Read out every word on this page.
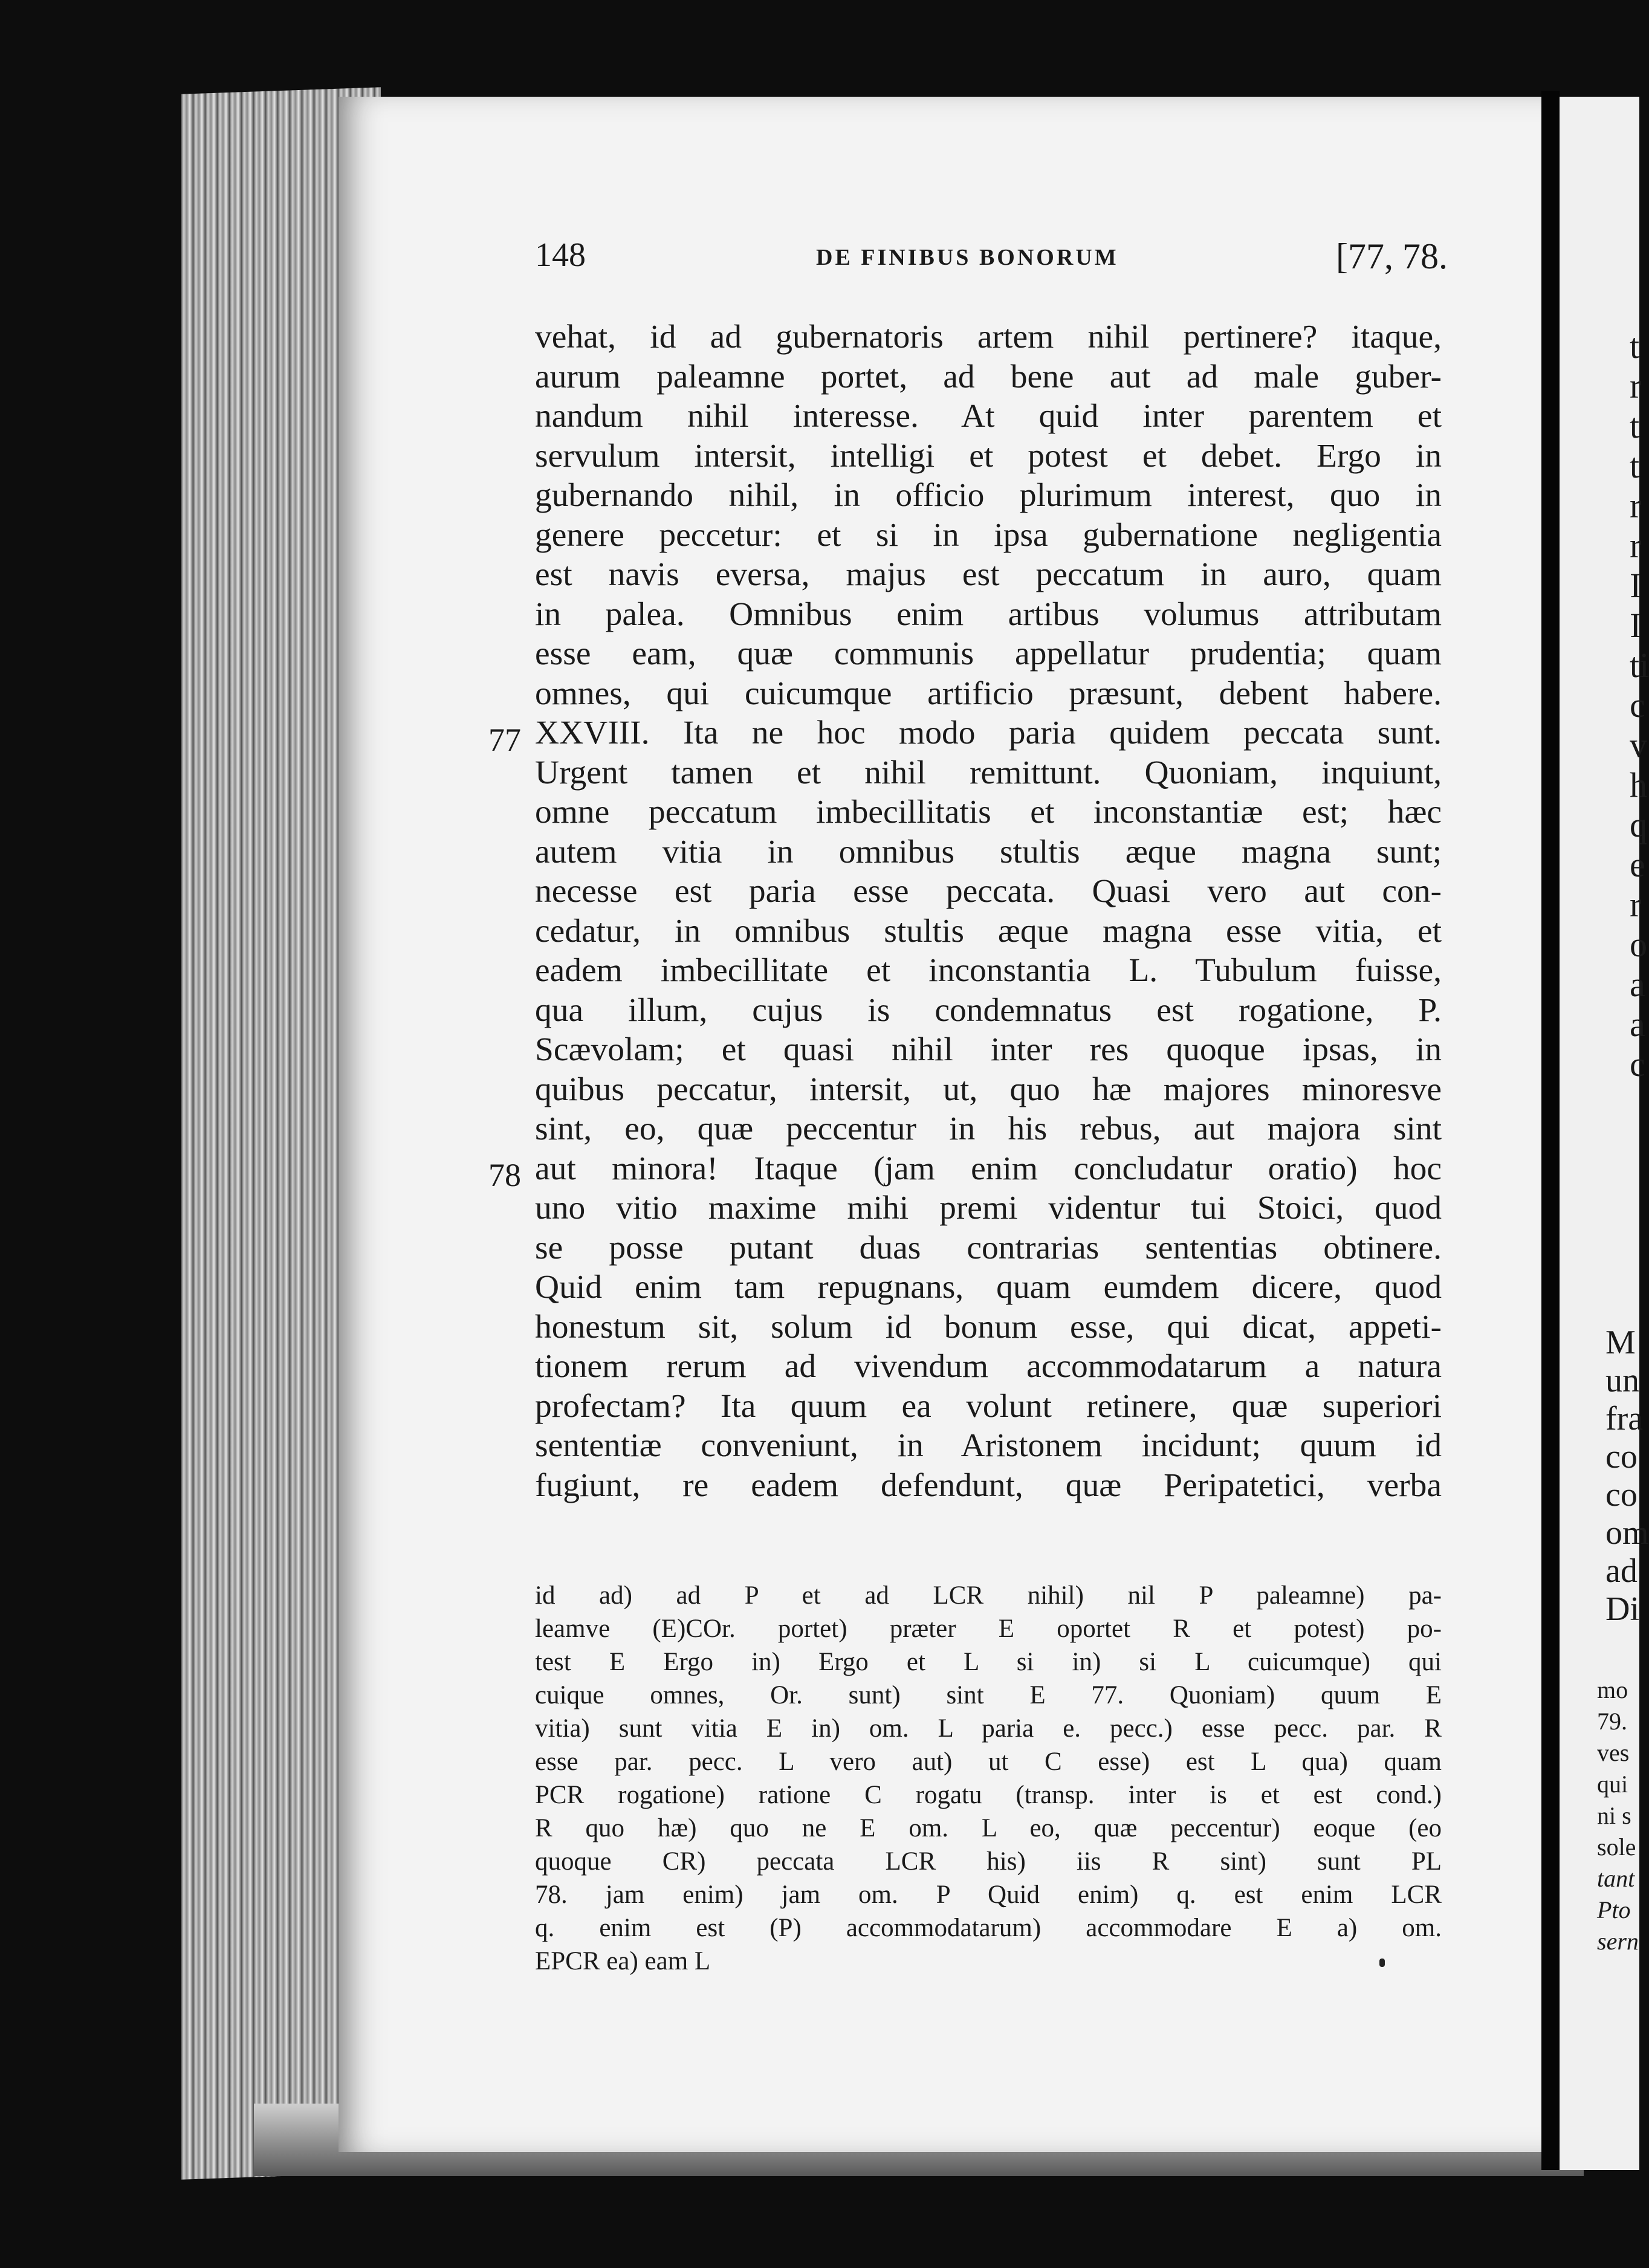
t
r
t
t
r
r
I
I
ti
c
v
h
q
e
r
o
a
a
c
M
un
fra
co
co
om
ad
Di
mo
79.
ves
qui
ni s
sole
tant
Pto
sern
148	DE FINIBUS BONORUM	[77, 78.
77
78
vehat, id ad gubernatoris artem nihil pertinere? itaque,
aurum paleamne portet, ad bene aut ad male guber-
nandum nihil interesse. At quid inter parentem et
servulum intersit, intelligi et potest et debet. Ergo in
gubernando nihil, in officio plurimum interest, quo in
genere peccetur: et si in ipsa gubernatione negligentia
est navis eversa, majus est peccatum in auro, quam
in palea. Omnibus enim artibus volumus attributam
esse eam, quæ communis appellatur prudentia; quam
omnes, qui cuicumque artificio præsunt, debent habere.
XXVIII. Ita ne hoc modo paria quidem peccata sunt.
Urgent tamen et nihil remittunt. Quoniam, inquiunt,
omne peccatum imbecillitatis et inconstantiæ est; hæc
autem vitia in omnibus stultis æque magna sunt;
necesse est paria esse peccata. Quasi vero aut con-
cedatur, in omnibus stultis æque magna esse vitia, et
eadem imbecillitate et inconstantia L. Tubulum fuisse,
qua illum, cujus is condemnatus est rogatione, P.
Scævolam; et quasi nihil inter res quoque ipsas, in
quibus peccatur, intersit, ut, quo hæ majores minoresve
sint, eo, quæ peccentur in his rebus, aut majora sint
aut minora! Itaque (jam enim concludatur oratio) hoc
uno vitio maxime mihi premi videntur tui Stoici, quod
se posse putant duas contrarias sententias obtinere.
Quid enim tam repugnans, quam eumdem dicere, quod
honestum sit, solum id bonum esse, qui dicat, appeti-
tionem rerum ad vivendum accommodatarum a natura
profectam? Ita quum ea volunt retinere, quæ superiori
sententiæ conveniunt, in Aristonem incidunt; quum id
fugiunt, re eadem defendunt, quæ Peripatetici, verba
id ad) ad P et ad LCR nihil) nil P paleamne) pa-
leamve (E)COr. portet) præter E oportet R et potest) po-
test E Ergo in) Ergo et L si in) si L cuicumque) qui
cuique omnes, Or. sunt) sint E 77. Quoniam) quum E
vitia) sunt vitia E in) om. L paria e. pecc.) esse pecc. par. R
esse par. pecc. L vero aut) ut C esse) est L qua) quam
PCR rogatione) ratione C rogatu (transp. inter is et est cond.)
R quo hæ) quo ne E om. L eo, quæ peccentur) eoque (eo
quoque CR) peccata LCR his) iis R sint) sunt PL
78. jam enim) jam om. P Quid enim) q. est enim LCR
q. enim est (P) accommodatarum) accommodare E a) om.
EPCR ea) eam L
